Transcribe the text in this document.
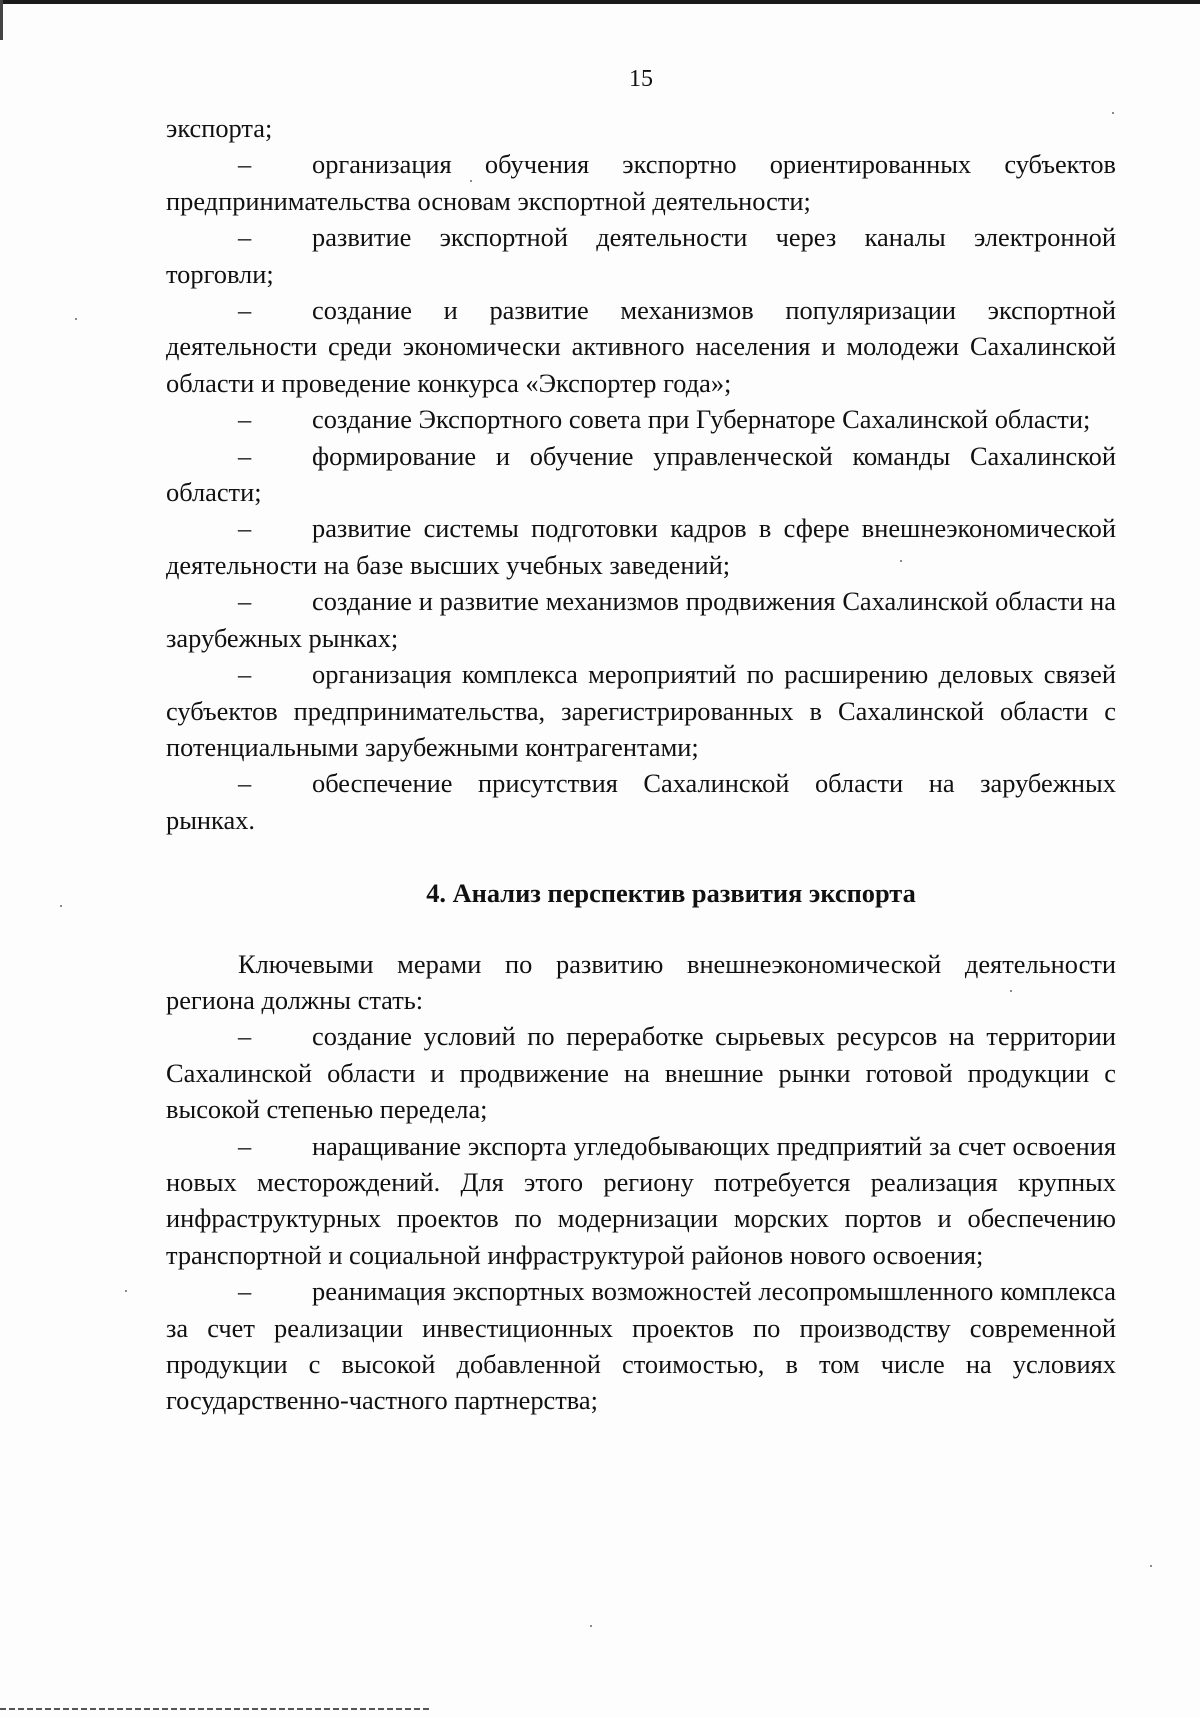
15

экспорта;

– организация обучения экспортно ориентированных субъектов предпринимательства основам экспортной деятельности;

– развитие экспортной деятельности через каналы электронной торговли;

– создание и развитие механизмов популяризации экспортной деятельности среди экономически активного населения и молодежи Сахалинской области и проведение конкурса «Экспортер года»;

– создание Экспортного совета при Губернаторе Сахалинской области;

– формирование и обучение управленческой команды Сахалинской области;

– развитие системы подготовки кадров в сфере внешнеэкономической деятельности на базе высших учебных заведений;

– создание и развитие механизмов продвижения Сахалинской области на зарубежных рынках;

– организация комплекса мероприятий по расширению деловых связей субъектов предпринимательства, зарегистрированных в Сахалинской области с потенциальными зарубежными контрагентами;

– обеспечение присутствия Сахалинской области на зарубежных рынках.

4. Анализ перспектив развития экспорта

Ключевыми мерами по развитию внешнеэкономической деятельности региона должны стать:

– создание условий по переработке сырьевых ресурсов на территории Сахалинской области и продвижение на внешние рынки готовой продукции с высокой степенью передела;

– наращивание экспорта угледобывающих предприятий за счет освоения новых месторождений. Для этого региону потребуется реализация крупных инфраструктурных проектов по модернизации морских портов и обеспечению транспортной и социальной инфраструктурой районов нового освоения;

– реанимация экспортных возможностей лесопромышленного комплекса за счет реализации инвестиционных проектов по производству современной продукции с высокой добавленной стоимостью, в том числе на условиях государственно-частного партнерства;
